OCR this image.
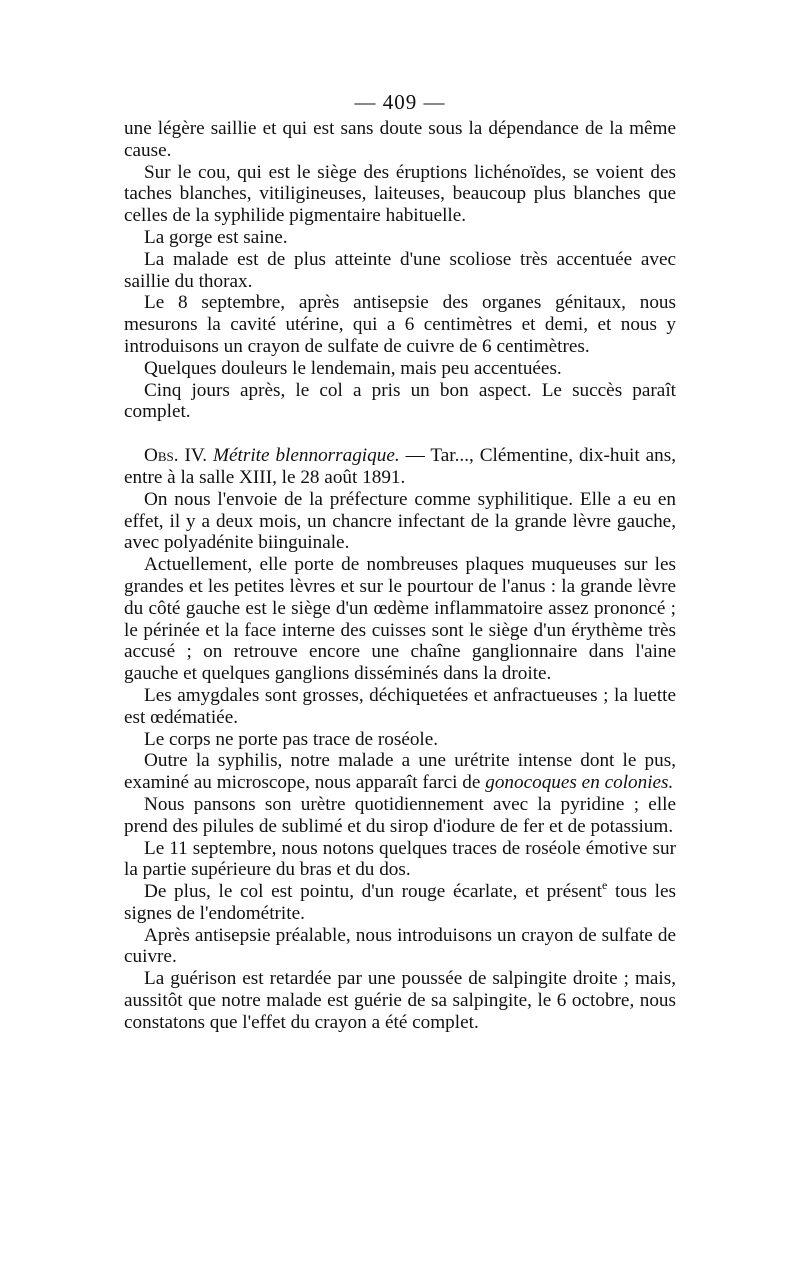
— 409 —

une légère saillie et qui est sans doute sous la dépendance de la même cause.

Sur le cou, qui est le siège des éruptions lichénoïdes, se voient des taches blanches, vitiligineuses, laiteuses, beaucoup plus blanches que celles de la syphilide pigmentaire habituelle.

La gorge est saine.

La malade est de plus atteinte d'une scoliose très accentuée avec saillie du thorax.

Le 8 septembre, après antisepsie des organes génitaux, nous mesurons la cavité utérine, qui a 6 centimètres et demi, et nous y introduisons un crayon de sulfate de cuivre de 6 centimètres.

Quelques douleurs le lendemain, mais peu accentuées.

Cinq jours après, le col a pris un bon aspect. Le succès paraît complet.

Obs. IV. Métrite blennorragique. — Tar..., Clémentine, dix-huit ans, entre à la salle XIII, le 28 août 1891.

On nous l'envoie de la préfecture comme syphilitique. Elle a eu en effet, il y a deux mois, un chancre infectant de la grande lèvre gauche, avec polyadénite biinguinale.

Actuellement, elle porte de nombreuses plaques muqueuses sur les grandes et les petites lèvres et sur le pourtour de l'anus : la grande lèvre du côté gauche est le siège d'un œdème inflammatoire assez prononcé ; le périnée et la face interne des cuisses sont le siège d'un érythème très accusé ; on retrouve encore une chaîne ganglionnaire dans l'aine gauche et quelques ganglions disséminés dans la droite.

Les amygdales sont grosses, déchiquetées et anfractueuses ; la luette est œdématiée.

Le corps ne porte pas trace de roséole.

Outre la syphilis, notre malade a une urétrite intense dont le pus, examiné au microscope, nous apparaît farci de gonocoques en colonies.

Nous pansons son urètre quotidiennement avec la pyridine ; elle prend des pilules de sublimé et du sirop d'iodure de fer et de potassium.

Le 11 septembre, nous notons quelques traces de roséole émotive sur la partie supérieure du bras et du dos.

De plus, le col est pointu, d'un rouge écarlate, et présent$^e$ tous les signes de l'endométrite.

Après antisepsie préalable, nous introduisons un crayon de sulfate de cuivre.

La guérison est retardée par une poussée de salpingite droite ; mais, aussitôt que notre malade est guérie de sa salpingite, le 6 octobre, nous constatons que l'effet du crayon a été complet.
